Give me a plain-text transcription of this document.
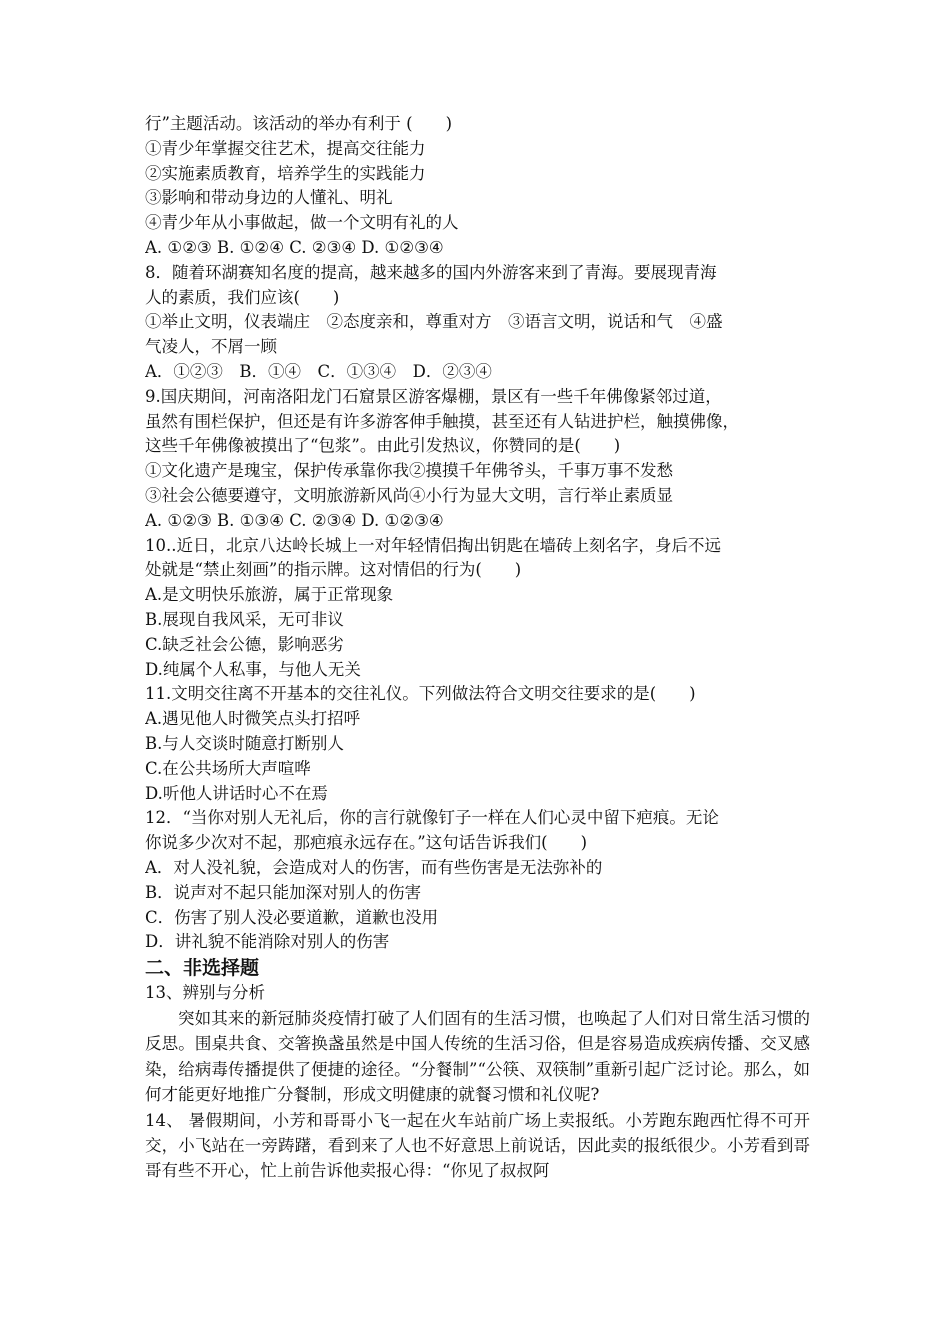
行”主题活动。该活动的举办有利于 (　　)
①青少年掌握交往艺术，提高交往能力
②实施素质教育，培养学生的实践能力
③影响和带动身边的人懂礼、明礼
④青少年从小事做起，做一个文明有礼的人
A. ①②③ B. ①②④ C. ②③④ D. ①②③④
8．随着环湖赛知名度的提高，越来越多的国内外游客来到了青海。要展现青海
人的素质，我们应该(　　)
①举止文明，仪表端庄　②态度亲和，尊重对方　③语言文明，说话和气　④盛
气凌人，不屑一顾
A．①②③　B．①④　C．①③④　D．②③④
9.国庆期间，河南洛阳龙门石窟景区游客爆棚，景区有一些千年佛像紧邻过道，
虽然有围栏保护，但还是有许多游客伸手触摸，甚至还有人钻进护栏，触摸佛像，
这些千年佛像被摸出了“包浆”。由此引发热议，你赞同的是(　　)
①文化遗产是瑰宝，保护传承靠你我②摸摸千年佛爷头，千事万事不发愁
③社会公德要遵守，文明旅游新风尚④小行为显大文明，言行举止素质显
A. ①②③ B. ①③④ C. ②③④ D. ①②③④
10..近日，北京八达岭长城上一对年轻情侣掏出钥匙在墙砖上刻名字，身后不远
处就是“禁止刻画”的指示牌。这对情侣的行为(　　)
A.是文明快乐旅游，属于正常现象
B.展现自我风采，无可非议
C.缺乏社会公德，影响恶劣
D.纯属个人私事，与他人无关
11.文明交往离不开基本的交往礼仪。下列做法符合文明交往要求的是(　　)
A.遇见他人时微笑点头打招呼
B.与人交谈时随意打断别人
C.在公共场所大声喧哗
D.听他人讲话时心不在焉
12．“当你对别人无礼后，你的言行就像钉子一样在人们心灵中留下疤痕。无论
你说多少次对不起，那疤痕永远存在。”这句话告诉我们(　　)
A．对人没礼貌，会造成对人的伤害，而有些伤害是无法弥补的
B．说声对不起只能加深对别人的伤害
C．伤害了别人没必要道歉，道歉也没用
D．讲礼貌不能消除对别人的伤害
二、非选择题
13、辨别与分析
突如其来的新冠肺炎疫情打破了人们固有的生活习惯，也唤起了人们对日常生活习惯的反思。围桌共食、交箸换盏虽然是中国人传统的生活习俗，但是容易造成疾病传播、交叉感染，给病毒传播提供了便捷的途径。“分餐制”“公筷、双筷制”重新引起广泛讨论。那么，如何才能更好地推广分餐制，形成文明健康的就餐习惯和礼仪呢?
14、 暑假期间，小芳和哥哥小飞一起在火车站前广场上卖报纸。小芳跑东跑西忙得不可开交，小飞站在一旁踌躇，看到来了人也不好意思上前说话，因此卖的报纸很少。小芳看到哥哥有些不开心，忙上前告诉他卖报心得：“你见了叔叔阿
